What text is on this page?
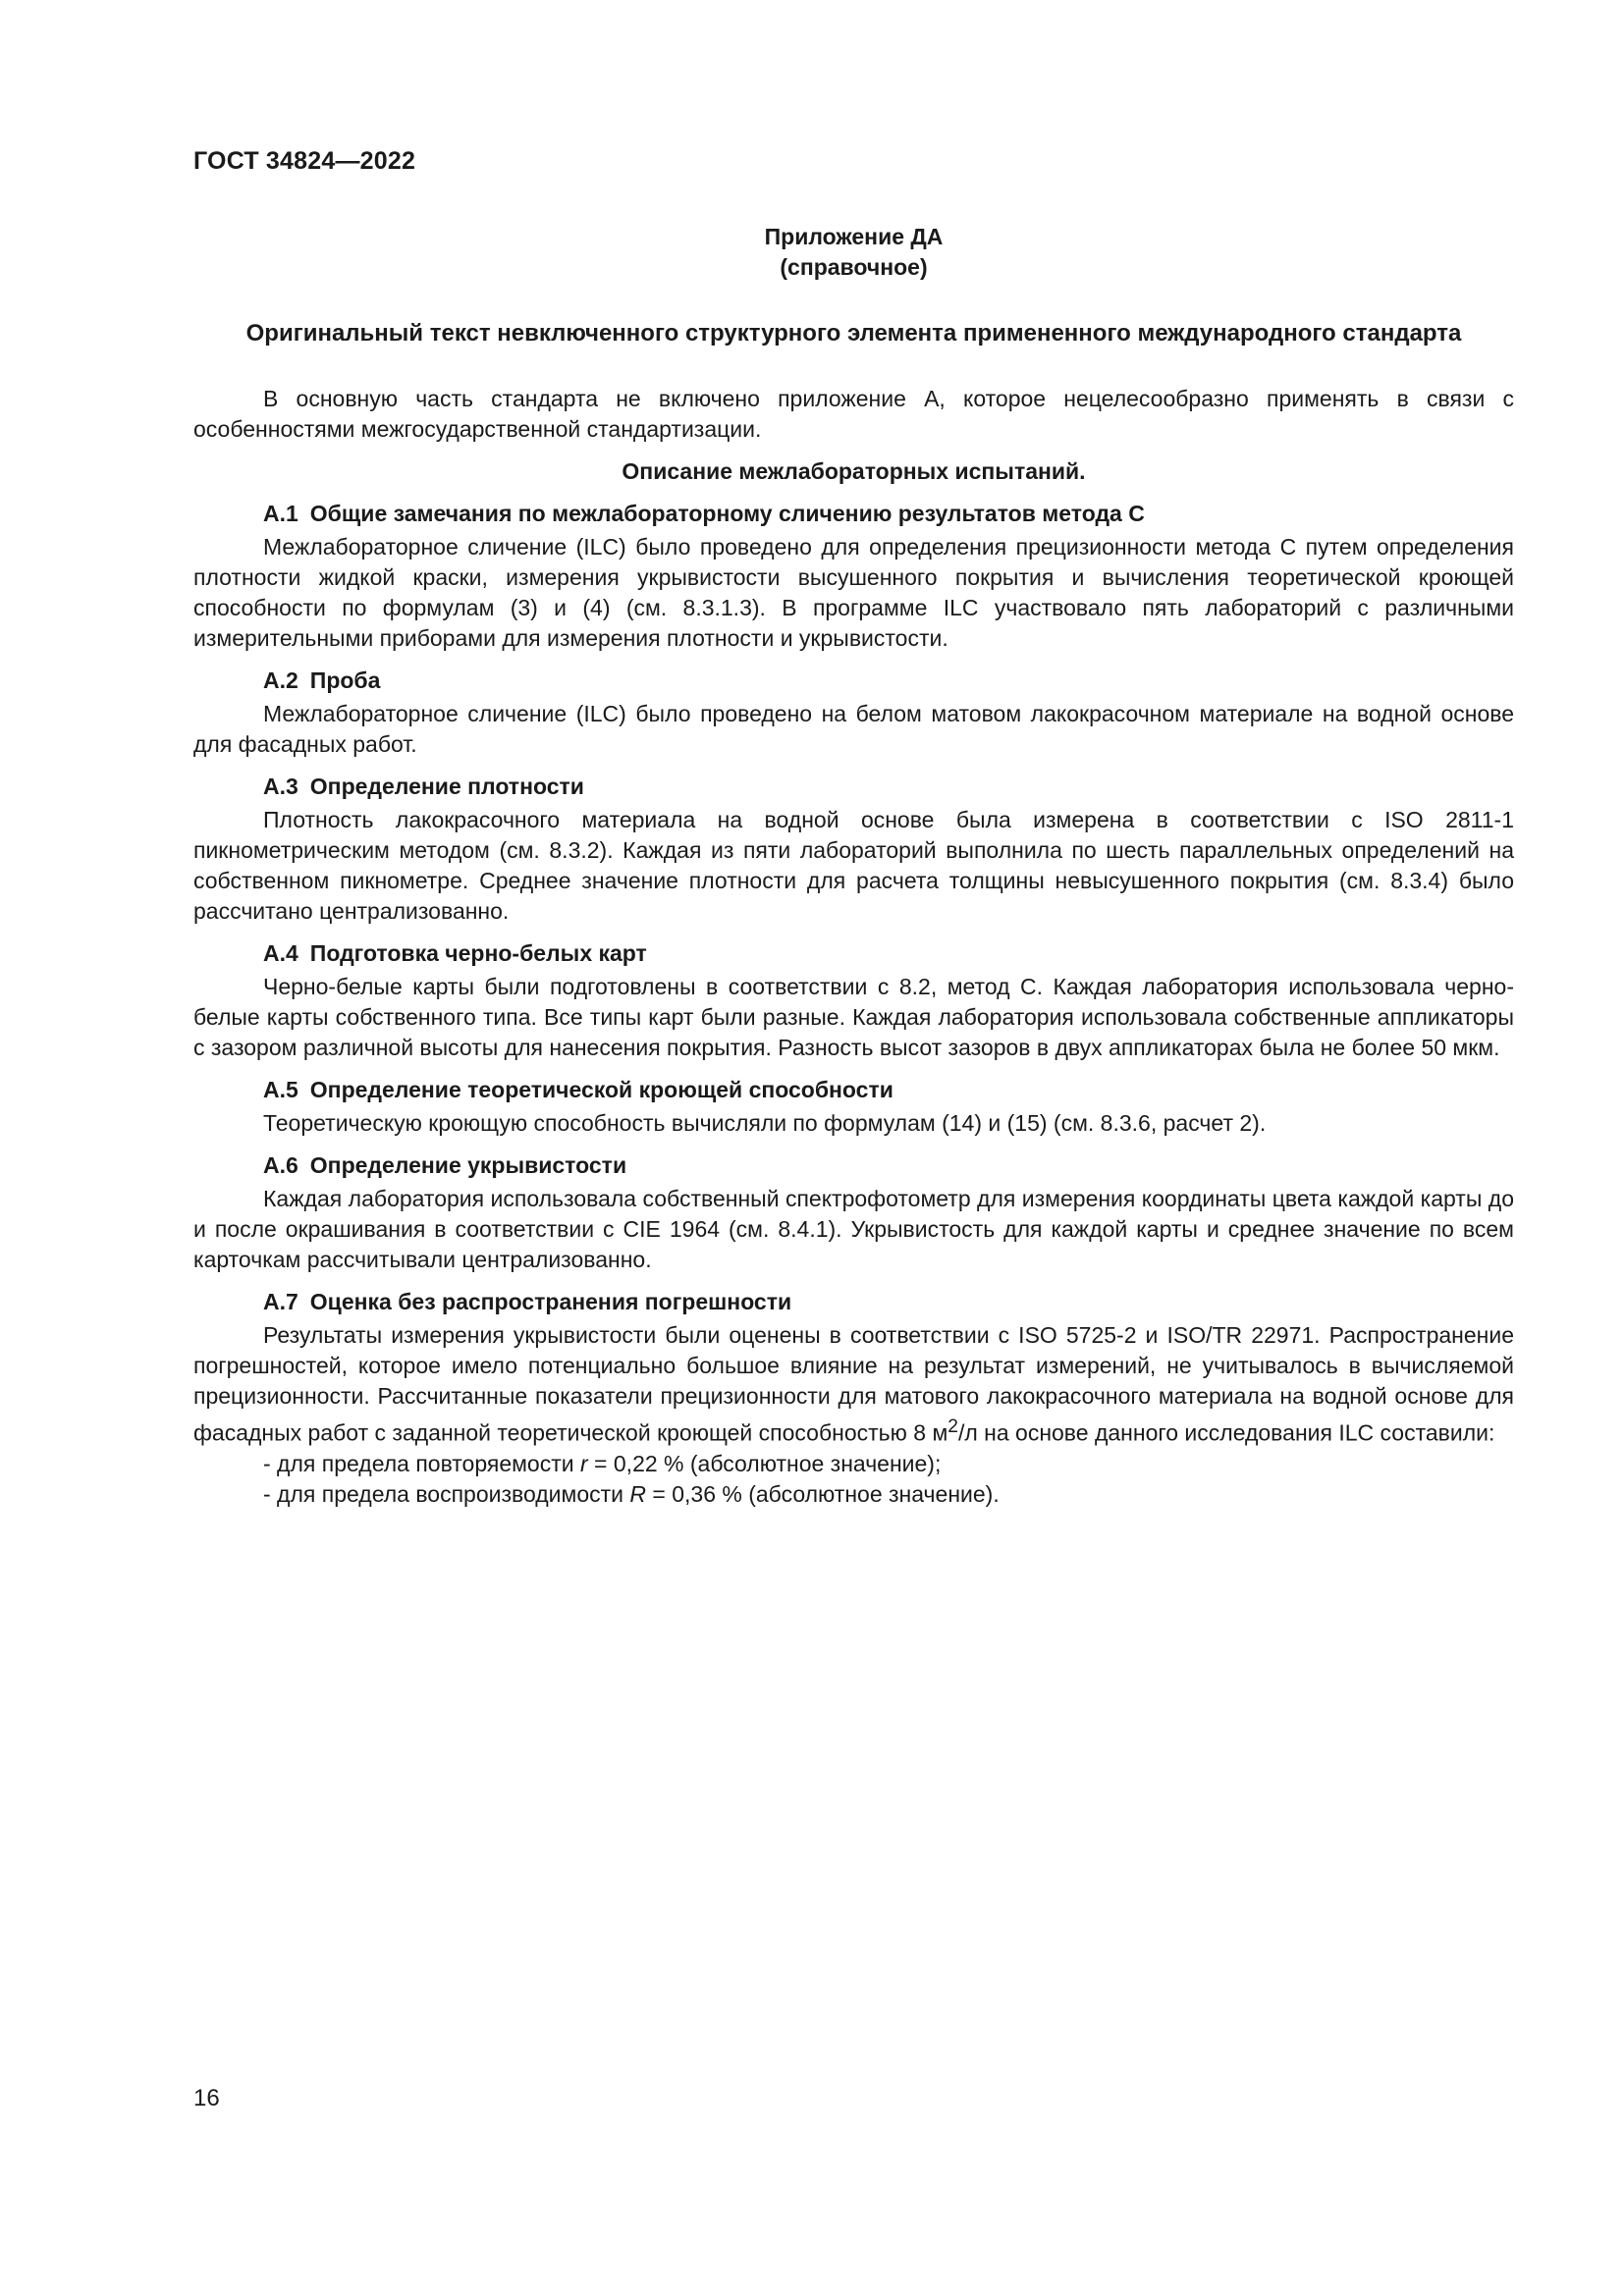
ГОСТ 34824—2022
Приложение ДА
(справочное)
Оригинальный текст невключенного структурного элемента примененного международного стандарта

В основную часть стандарта не включено приложение А, которое нецелесообразно применять в связи с особенностями межгосударственной стандартизации.

Описание межлабораторных испытаний.
А.1 Общие замечания по межлабораторному сличению результатов метода С

Межлабораторное сличение (ILC) было проведено для определения прецизионности метода С путем определения плотности жидкой краски, измерения укрывистости высушенного покрытия и вычисления теоретической кроющей способности по формулам (3) и (4) (см. 8.3.1.3). В программе ILC участвовало пять лабораторий с различными измерительными приборами для измерения плотности и укрывистости.

А.2 Проба

Межлабораторное сличение (ILC) было проведено на белом матовом лакокрасочном материале на водной основе для фасадных работ.

А.3 Определение плотности

Плотность лакокрасочного материала на водной основе была измерена в соответствии с ISO 2811-1 пикнометрическим методом (см. 8.3.2). Каждая из пяти лабораторий выполнила по шесть параллельных определений на собственном пикнометре. Среднее значение плотности для расчета толщины невысушенного покрытия (см. 8.3.4) было рассчитано централизованно.

А.4 Подготовка черно-белых карт

Черно-белые карты были подготовлены в соответствии с 8.2, метод С. Каждая лаборатория использовала черно-белые карты собственного типа. Все типы карт были разные. Каждая лаборатория использовала собственные аппликаторы с зазором различной высоты для нанесения покрытия. Разность высот зазоров в двух аппликаторах была не более 50 мкм.

А.5 Определение теоретической кроющей способности

Теоретическую кроющую способность вычисляли по формулам (14) и (15) (см. 8.3.6, расчет 2).

А.6 Определение укрывистости

Каждая лаборатория использовала собственный спектрофотометр для измерения координаты цвета каждой карты до и после окрашивания в соответствии с CIE 1964 (см. 8.4.1). Укрывистость для каждой карты и среднее значение по всем карточкам рассчитывали централизованно.

А.7 Оценка без распространения погрешности

Результаты измерения укрывистости были оценены в соответствии с ISO 5725-2 и ISO/TR 22971. Распространение погрешностей, которое имело потенциально большое влияние на результат измерений, не учитывалось в вычисляемой прецизионности. Рассчитанные показатели прецизионности для матового лакокрасочного материала на водной основе для фасадных работ с заданной теоретической кроющей способностью 8 $м^2/л$ на основе данного исследования ILC составили:

- для предела повторяемости r = 0,22 % (абсолютное значение);
- для предела воспроизводимости R = 0,36 % (абсолютное значение).
16
